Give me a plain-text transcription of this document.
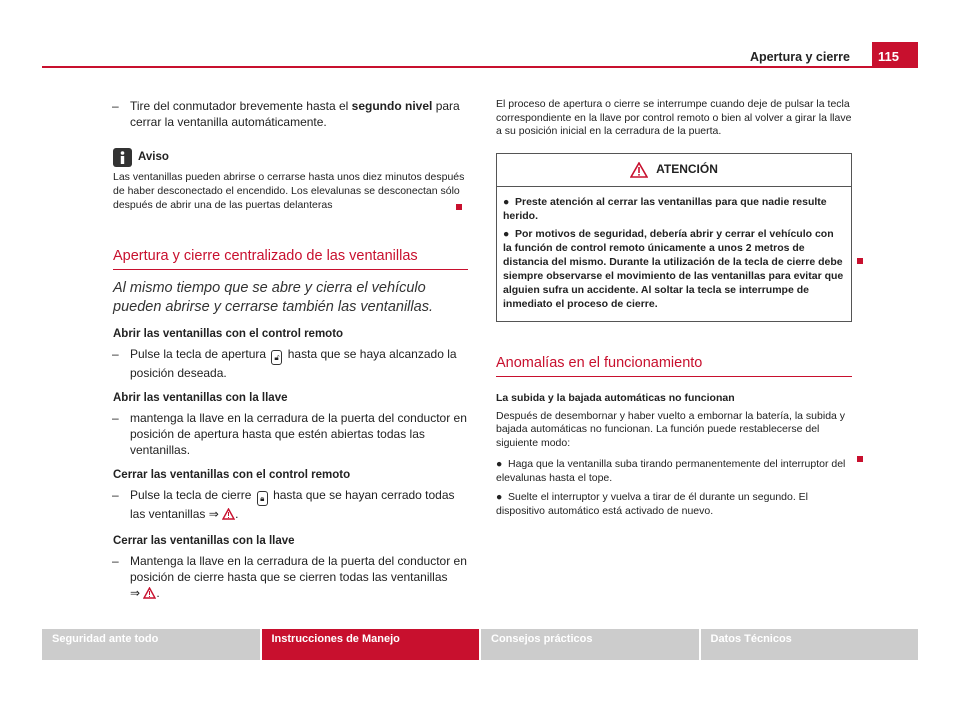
Apertura y cierre	115
– Tire del conmutador brevemente hasta el segundo nivel para cerrar la ventanilla automáticamente.
Aviso
Las ventanillas pueden abrirse o cerrarse hasta unos diez minutos después de haber desconectado el encendido. Los elevalunas se desconectan sólo después de abrir una de las puertas delanteras
Apertura y cierre centralizado de las ventanillas
Al mismo tiempo que se abre y cierra el vehículo pueden abrirse y cerrarse también las ventanillas.
Abrir las ventanillas con el control remoto
– Pulse la tecla de apertura 🔓︎ hasta que se haya alcanzado la posición deseada.
Abrir las ventanillas con la llave
– mantenga la llave en la cerradura de la puerta del conductor en posición de apertura hasta que estén abiertas todas las ventanillas.
Cerrar las ventanillas con el control remoto
– Pulse la tecla de cierre 🔒︎ hasta que se hayan cerrado todas las ventanillas ⇒ .
Cerrar las ventanillas con la llave
– Mantenga la llave en la cerradura de la puerta del conductor en posición de cierre hasta que se cierren todas las ventanillas
⇒ .
El proceso de apertura o cierre se interrumpe cuando deje de pulsar la tecla correspondiente en la llave por control remoto o bien al volver a girar la llave a su posición inicial en la cerradura de la puerta.
ATENCIÓN

● Preste atención al cerrar las ventanillas para que nadie resulte herido.

● Por motivos de seguridad, debería abrir y cerrar el vehículo con la función de control remoto únicamente a unos 2 metros de distancia del mismo. Durante la utilización de la tecla de cierre debe siempre observarse el movimiento de las ventanillas para evitar que alguien sufra un accidente. Al soltar la tecla se interrumpe de inmediato el proceso de cierre.

Anomalías en el funcionamiento
La subida y la bajada automáticas no funcionan
Después de desembornar y haber vuelto a embornar la batería, la subida y bajada automáticas no funcionan. La función puede restablecerse del siguiente modo:

● Haga que la ventanilla suba tirando permanentemente del interruptor del elevalunas hasta el tope.

● Suelte el interruptor y vuelva a tirar de él durante un segundo. El dispositivo automático está activado de nuevo.

Seguridad ante todo	Instrucciones de Manejo	Consejos prácticos	Datos Técnicos
